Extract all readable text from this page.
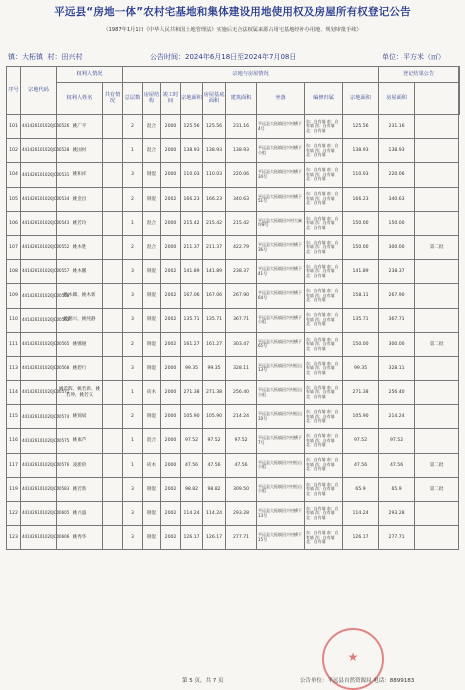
平远县“房地一体”农村宅基地和集体建设用地使用权及房屋所有权登记公告
（1987年1月1日《中华人民共和国土地管理法》实施后无合法权属来源占用宅基地经补办用地、规划审批手续）
镇：大柘镇 村：田兴村	公告时间：2024年6月18日至2024年7月08日	单位：平方米（㎡）
序号	宗地代码	权利人情况		宗地与房屋情况									登记结果公告	
		权利人姓名	共有情况	总层数	房屋结构	竣工时间	宗地面积	房屋基底面积	建筑面积	坐落	编修归属	宗地面积	房屋面积		
101	441426101020JC00526	姚广平		2	混合	2000	125.56	125.56	231.16	平远县大柘镇田兴村横下4号	东：自有墙 南：自有墙 西：自有墙 北：自有墙	125.56	231.16		
102	441426101020JC00528	姚国材		1	混合	2000	138.93	138.93	138.93	平远县大柘镇田兴村横下小组	东：自有墙 南：自有墙 西：自有墙 北：自有墙	138.93	138.93		
104	441426101020JC00531	姚和祥		3	钢混	2000	110.03	110.03	220.06	平远县大柘镇田兴村横下34号	东：自有墙 南：自有墙 西：自有墙 北：自有墙	110.03	220.06		
105	441426101020JC00534	姚金昌		2	钢混	2002	166.23	166.23	340.63	平远县大柘镇田兴村横下51号	东：自有墙 南：自有墙 西：自有墙 北：自有墙	166.23	340.63		
106	441426101020JC00543	姚若玲		1	混合	2000	215.42	215.42	215.42	平远县大柘镇田兴村大麻坪8号	东：自有墙 南：自有墙 西：自有墙 北：自有墙	150.00	150.00		
107	441426101020JC00552	姚木胜		2	混合	2000	211.37	211.37	422.79	平远县大柘镇田兴村横下36号	东：自有墙 南：自有墙 西：自有墙 北：自有墙	150.00	300.00	第二批	
108	441426101020JC00557	姚木鹏		3	钢混	2002	141.89	141.89	238.37	平远县大柘镇田兴村横下41号	东：自有墙 南：自有墙 西：自有墙 北：自有墙	141.89	238.37		
109	441426101020JC00558	姚木卿、姚木新		3	钢混	2002	167.06	167.06	267.90	平远县大柘镇田兴村横下64号	东：自有墙 南：自有墙 西：自有墙 北：自有墙	158.11	267.90		
110	441426101020JC00563	姚鹏兴、姚纯静		3	钢混	2002	135.71	135.71	367.71	平远县大柘镇田兴村横下小组	东：自有墙 南：自有墙 西：自有墙 北：自有墙	135.71	367.71		
111	441426101020JC00565	姚娜娅		2	钢混	2002	161.27	161.27	303.47	平远县大柘镇田兴村横下65号	东：自有墙 南：自有墙 西：自有墙 北：自有墙	150.00	300.00	第二批	
113	441426101020JC00568	姚碧行		3	钢混	2000	99.35	99.35	328.11	平远县大柘镇田兴村松山13号	东：自有墙 南：自有墙 西：自有墙 北：自有墙	99.35	328.11		
114	441426101020JC00571	姚若辉、姚若新、姚若坤、姚若义		1	砖木	2000	271.38	271.38	256.40	平远县大柘镇田兴村松山小组	东：自有墙 南：自有墙 西：自有墙 北：自有墙	271.38	256.40		
115	441426101020JC00574	姚锦斌		2	钢混	2000	105.90	105.90	214.24	平远县大柘镇田兴村松山10号	东：自有墙 南：自有墙 西：自有墙 北：自有墙	105.90	214.24		
116	441426101020JC00575	姚素芦		1	混合	2000	97.52	97.52	97.52	平远县大柘镇田兴村横下7号	东：自有墙 南：自有墙 西：自有墙 北：自有墙	97.52	97.52		
117	441426101020JC00576	凌新阶		1	砖木	2000	47.56	47.56	47.56	平远县大柘镇田兴村松山小组	东：自有墙 南：自有墙 西：自有墙 北：自有墙	47.56	47.56	第二批	
119	441426101020JC00583	姚若新		3	钢混	2002	98.82	98.82	309.50	平远县大柘镇田兴村松山小组	东：自有墙 南：自有墙 西：自有墙 北：自有墙	65.9	65.9	第二批	
122	441426101020JC00605	姚兴盛		3	钢混	2002	114.24	114.24	293.28	平远县大柘镇田兴村横下13号	东：自有墙 南：自有墙 西：自有墙 北：自有墙	114.24	293.28		
123	441426101020JC00606	姚秀华		3	钢混	2002	126.17	126.17	277.71	平远县大柘镇田兴村横下15号	东：自有墙 南：自有墙 西：自有墙 北：自有墙	126.17	277.71		
★
第 5 页，共 7 页	公告单位：平远县自然资源局 电话：8899183
